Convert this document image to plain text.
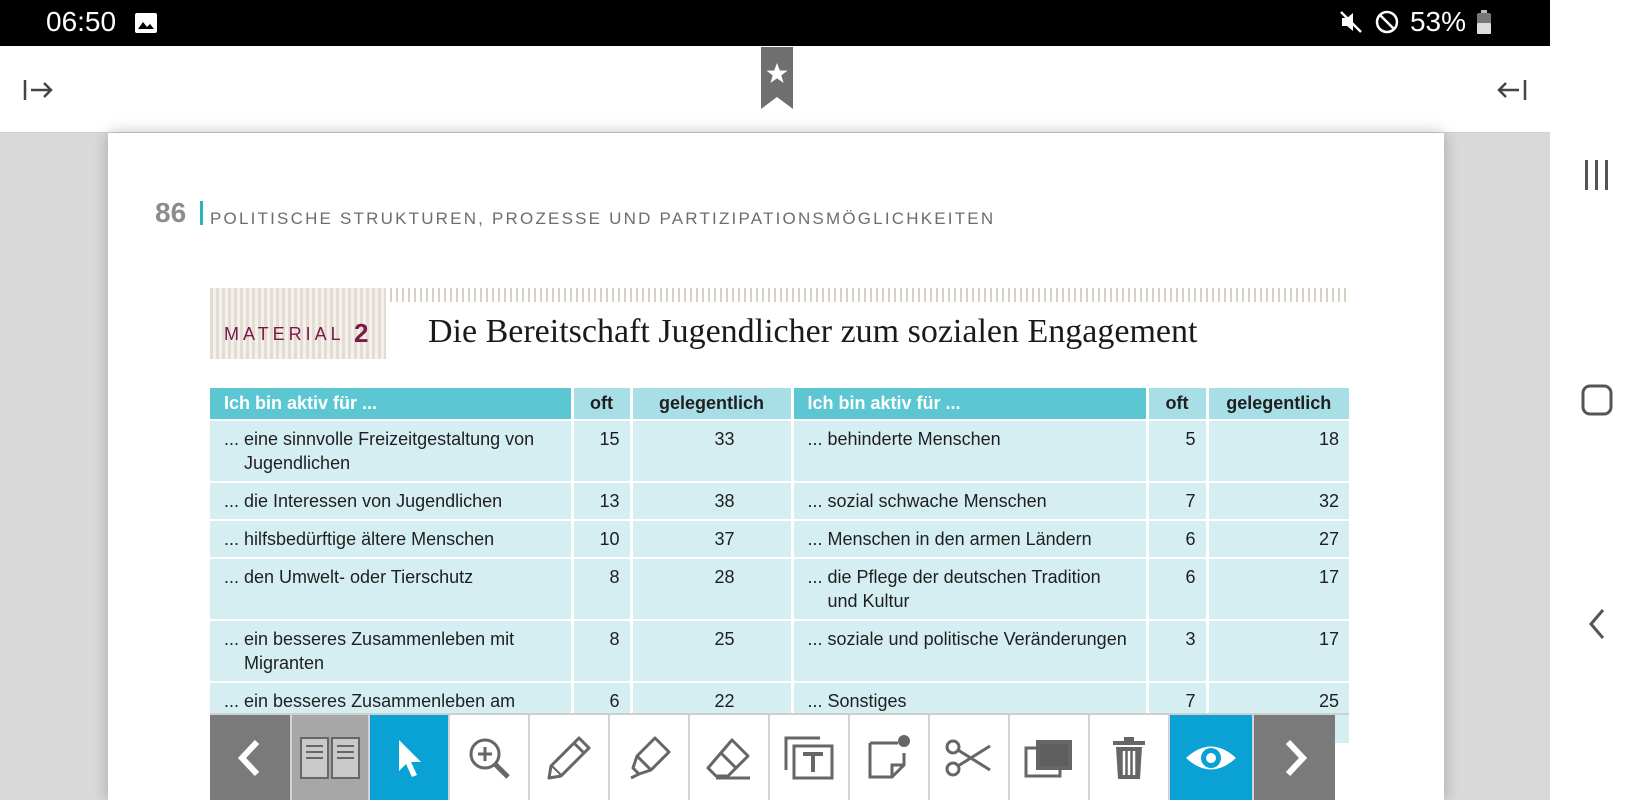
06:50	53%
86 POLITISCHE STRUKTUREN, PROZESSE UND PARTIZIPATIONSMÖGLICHKEITEN
MATERIAL 2 Die Bereitschaft Jugendlicher zum sozialen Engagement
Ich bin aktiv für ...	oft	gelegentlich	Ich bin aktiv für ...	oft	gelegentlich
... eine sinnvolle Freizeitgestaltung von Jugendlichen	15	33	... behinderte Menschen	5	18
... die Interessen von Jugendlichen	13	38	... sozial schwache Menschen	7	32
... hilfsbedürftige ältere Menschen	10	37	... Menschen in den armen Ländern	6	27
... den Umwelt- oder Tierschutz	8	28	... die Pflege der deutschen Tradition und Kultur	6	17
... ein besseres Zusammenleben mit Migranten	8	25	... soziale und politische Veränderungen	3	17
... ein besseres Zusammenleben am	6	22	... Sonstiges	7	25
